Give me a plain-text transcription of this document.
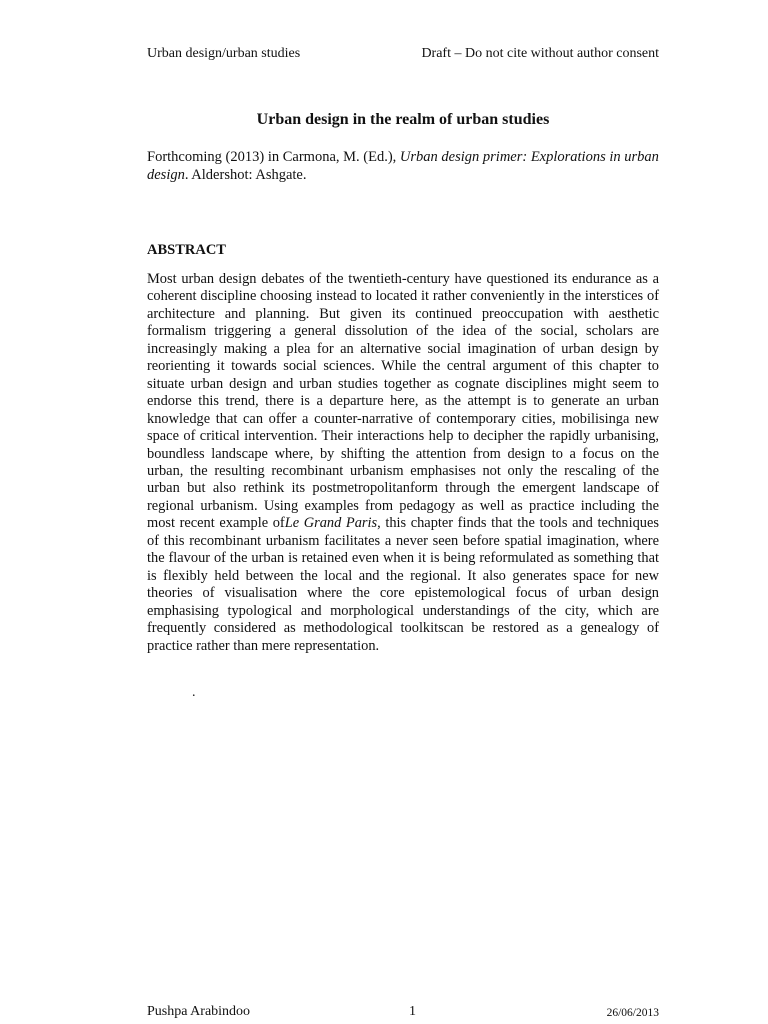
Urban design/urban studies	Draft – Do not cite without author consent
Urban design in the realm of urban studies
Forthcoming (2013) in Carmona, M. (Ed.), Urban design primer: Explorations in urban design. Aldershot: Ashgate.
ABSTRACT

Most urban design debates of the twentieth-century have questioned its endurance as a coherent discipline choosing instead to located it rather conveniently in the interstices of architecture and planning. But given its continued preoccupation with aesthetic formalism triggering a general dissolution of the idea of the social, scholars are increasingly making a plea for an alternative social imagination of urban design by reorienting it towards social sciences. While the central argument of this chapter to situate urban design and urban studies together as cognate disciplines might seem to endorse this trend, there is a departure here, as the attempt is to generate an urban knowledge that can offer a counter-narrative of contemporary cities, mobilisinga new space of critical intervention. Their interactions help to decipher the rapidly urbanising, boundless landscape where, by shifting the attention from design to a focus on the urban, the resulting recombinant urbanism emphasises not only the rescaling of the urban but also rethink its postmetropolitanform through the emergent landscape of regional urbanism. Using examples from pedagogy as well as practice including the most recent example ofLe Grand Paris, this chapter finds that the tools and techniques of this recombinant urbanism facilitates a never seen before spatial imagination, where the flavour of the urban is retained even when it is being reformulated as something that is flexibly held between the local and the regional. It also generates space for new theories of visualisation where the core epistemological focus of urban design emphasising typological and morphological understandings of the city, which are frequently considered as methodological toolkitscan be restored as a genealogy of practice rather than mere representation.

.
Pushpa Arabindoo	1	26/06/2013
